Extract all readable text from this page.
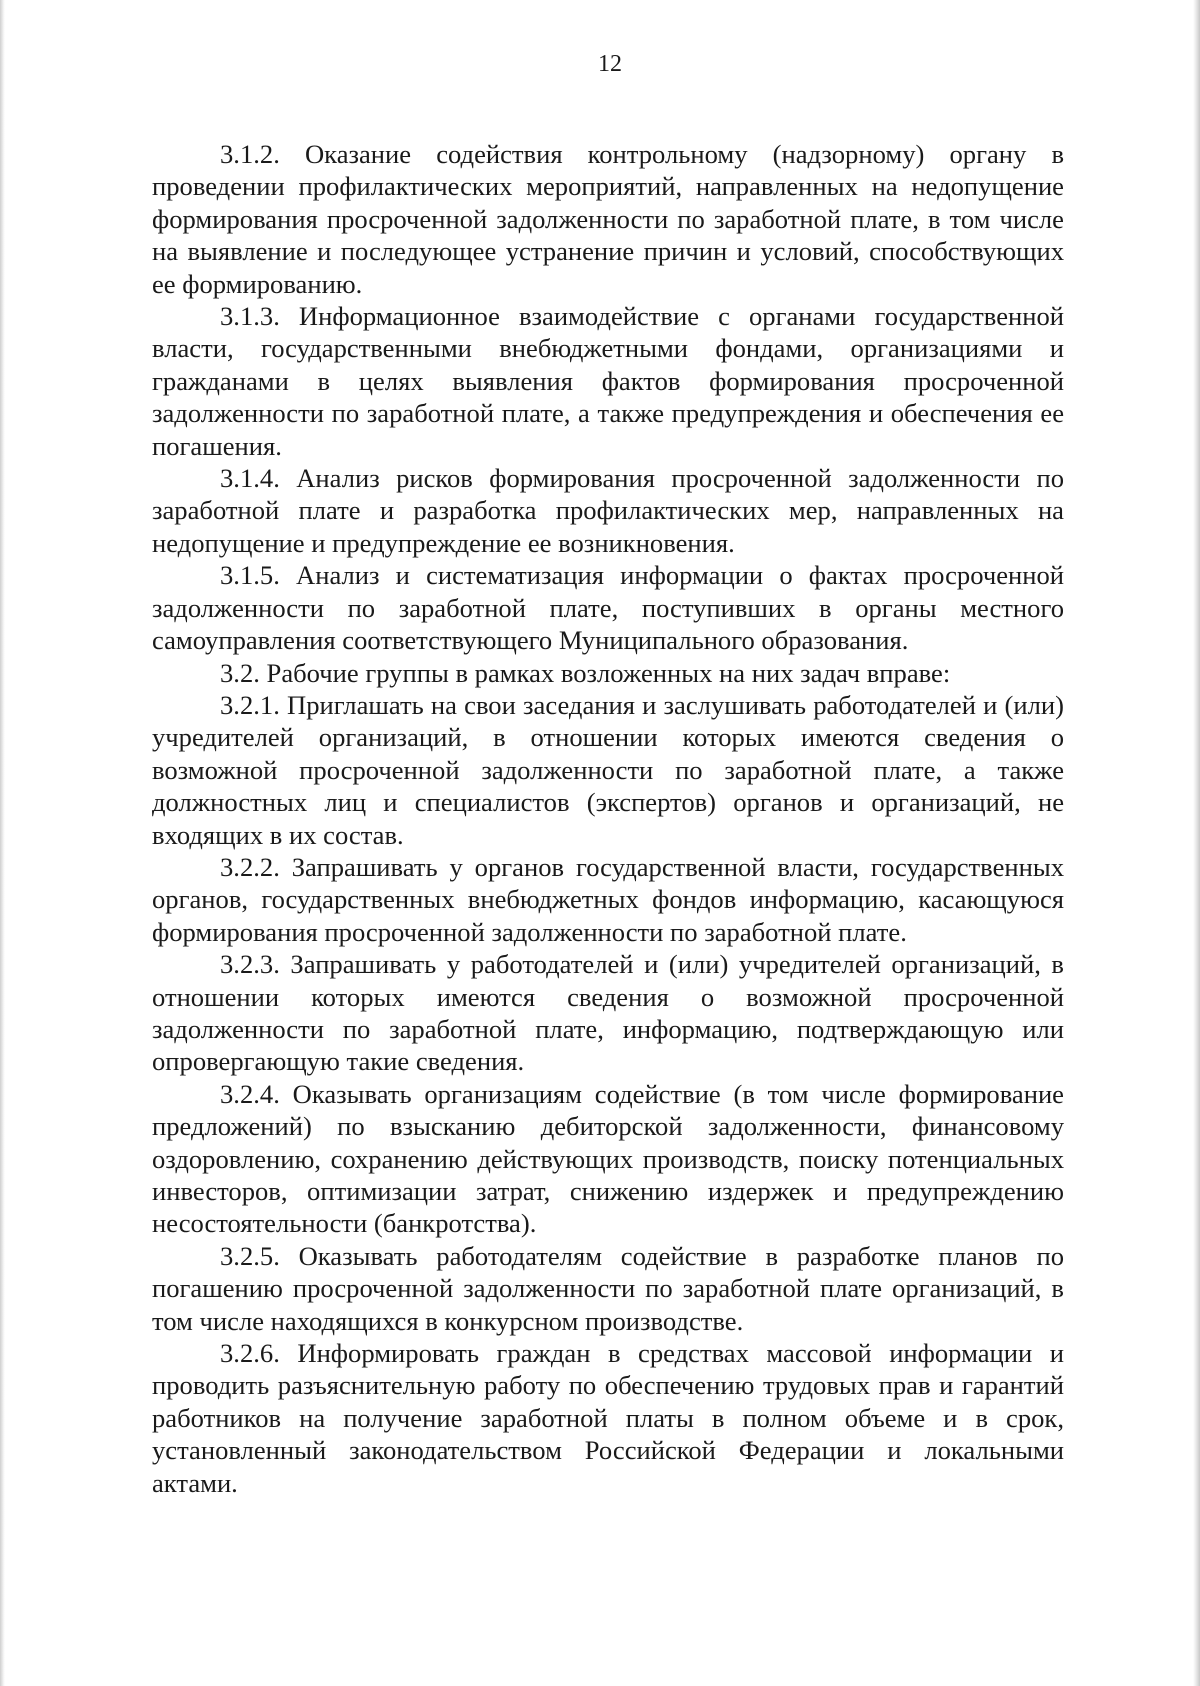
12

3.1.2. Оказание содействия контрольному (надзорному) органу в проведении профилактических мероприятий, направленных на недопущение формирования просроченной задолженности по заработной плате, в том числе на выявление и последующее устранение причин и условий, способствующих ее формированию.

3.1.3. Информационное взаимодействие с органами государственной власти, государственными внебюджетными фондами, организациями и гражданами в целях выявления фактов формирования просроченной задолженности по заработной плате, а также предупреждения и обеспечения ее погашения.

3.1.4. Анализ рисков формирования просроченной задолженности по заработной плате и разработка профилактических мер, направленных на недопущение и предупреждение ее возникновения.

3.1.5. Анализ и систематизация информации о фактах просроченной задолженности по заработной плате, поступивших в органы местного самоуправления соответствующего Муниципального образования.

3.2. Рабочие группы в рамках возложенных на них задач вправе:

3.2.1. Приглашать на свои заседания и заслушивать работодателей и (или) учредителей организаций, в отношении которых имеются сведения о возможной просроченной задолженности по заработной плате, а также должностных лиц и специалистов (экспертов) органов и организаций, не входящих в их состав.

3.2.2. Запрашивать у органов государственной власти, государственных органов, государственных внебюджетных фондов информацию, касающуюся формирования просроченной задолженности по заработной плате.

3.2.3. Запрашивать у работодателей и (или) учредителей организаций, в отношении которых имеются сведения о возможной просроченной задолженности по заработной плате, информацию, подтверждающую или опровергающую такие сведения.

3.2.4. Оказывать организациям содействие (в том числе формирование предложений) по взысканию дебиторской задолженности, финансовому оздоровлению, сохранению действующих производств, поиску потенциальных инвесторов, оптимизации затрат, снижению издержек и предупреждению несостоятельности (банкротства).

3.2.5. Оказывать работодателям содействие в разработке планов по погашению просроченной задолженности по заработной плате организаций, в том числе находящихся в конкурсном производстве.

3.2.6. Информировать граждан в средствах массовой информации и проводить разъяснительную работу по обеспечению трудовых прав и гарантий работников на получение заработной платы в полном объеме и в срок, установленный законодательством Российской Федерации и локальными актами.
